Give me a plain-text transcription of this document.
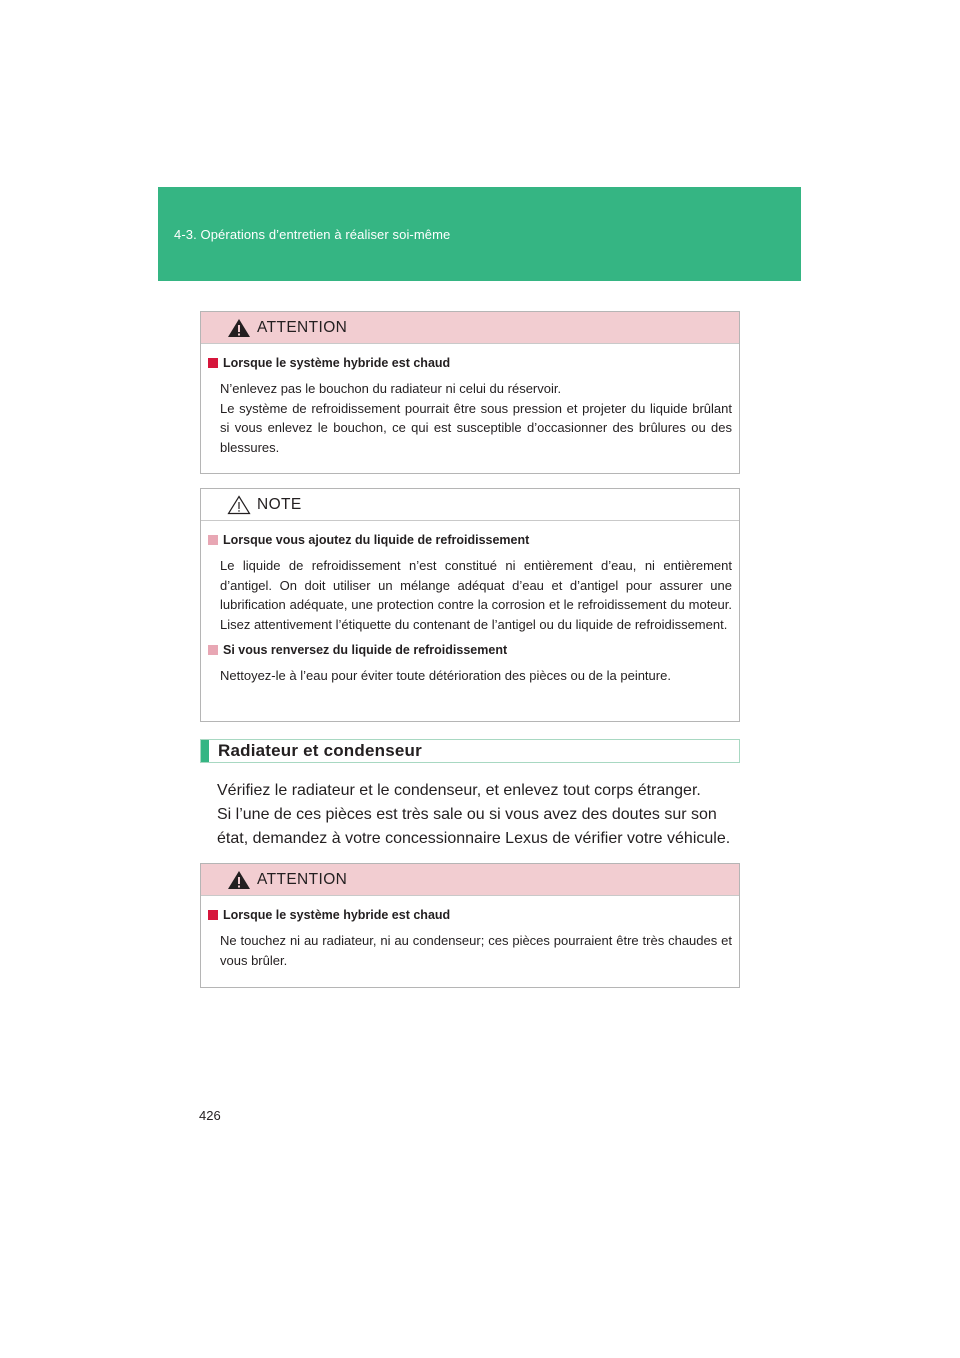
4-3. Opérations d’entretien à réaliser soi-même
ATTENTION
Lorsque le système hybride est chaud

N’enlevez pas le bouchon du radiateur ni celui du réservoir.

Le système de refroidissement pourrait être sous pression et projeter du liquide brûlant si vous enlevez le bouchon, ce qui est susceptible d’occasionner des brûlures ou des blessures.

NOTE
Lorsque vous ajoutez du liquide de refroidissement

Le liquide de refroidissement n’est constitué ni entièrement d’eau, ni entièrement d’antigel. On doit utiliser un mélange adéquat d’eau et d’antigel pour assurer une lubrification adéquate, une protection contre la corrosion et le refroidissement du moteur. Lisez attentivement l’étiquette du contenant de l’antigel ou du liquide de refroidissement.

Si vous renversez du liquide de refroidissement

Nettoyez-le à l’eau pour éviter toute détérioration des pièces ou de la peinture.

Radiateur et condenseur

Vérifiez le radiateur et le condenseur, et enlevez tout corps étranger.

Si l’une de ces pièces est très sale ou si vous avez des doutes sur son état, demandez à votre concessionnaire Lexus de vérifier votre véhicule.

ATTENTION
Lorsque le système hybride est chaud

Ne touchez ni au radiateur, ni au condenseur; ces pièces pourraient être très chaudes et vous brûler.

426
